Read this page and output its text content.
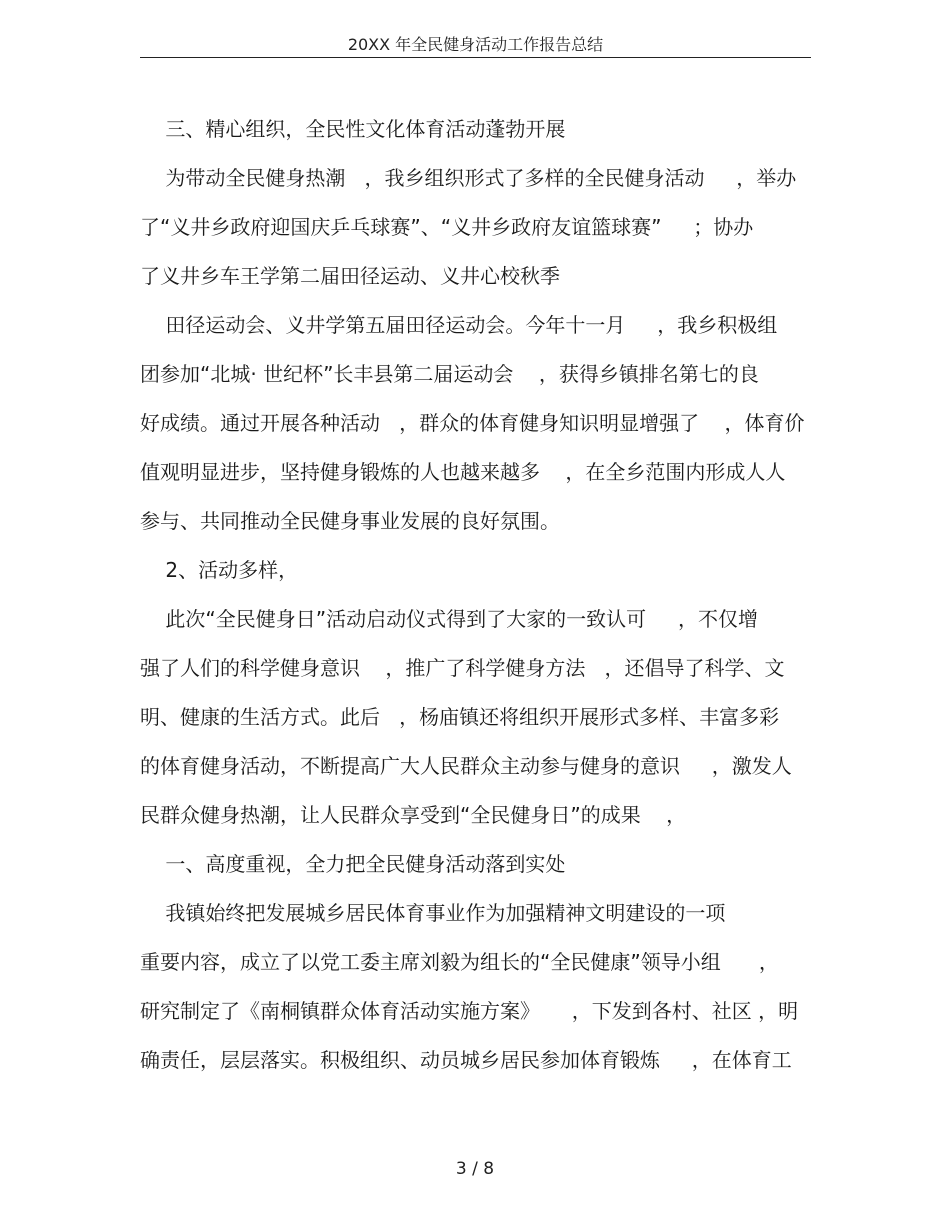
20XX 年全民健身活动工作报告总结
三、精心组织，全民性文化体育活动蓬勃开展
为带动全民健身热潮   ，我乡组织形式了多样的全民健身活动     ，举办
了“义井乡政府迎国庆乒乓球赛”、“义井乡政府友谊篮球赛”     ；协办
了义井乡车王学第二届田径运动、义井心校秋季
田径运动会、义井学第五届田径运动会。今年十一月     ，我乡积极组
团参加“北城· 世纪杯”长丰县第二届运动会    ，获得乡镇排名第七的良
好成绩。通过开展各种活动   ，群众的体育健身知识明显增强了    ，体育价
值观明显进步，坚持健身锻炼的人也越来越多    ，在全乡范围内形成人人
参与、共同推动全民健身事业发展的良好氛围。
2、活动多样，
此次“全民健身日”活动启动仪式得到了大家的一致认可     ，不仅增
强了人们的科学健身意识    ，推广了科学健身方法   ，还倡导了科学、文
明、健康的生活方式。此后   ，杨庙镇还将组织开展形式多样、丰富多彩
的体育健身活动，不断提高广大人民群众主动参与健身的意识     ，激发人
民群众健身热潮，让人民群众享受到“全民健身日”的成果    ，
一、高度重视，全力把全民健身活动落到实处
我镇始终把发展城乡居民体育事业作为加强精神文明建设的一项
重要内容，成立了以党工委主席刘毅为组长的“全民健康”领导小组      ，
研究制定了《南桐镇群众体育活动实施方案》     ，下发到各村、社区 ，明
确责任，层层落实。积极组织、动员城乡居民参加体育锻炼     ，在体育工
3 / 8
